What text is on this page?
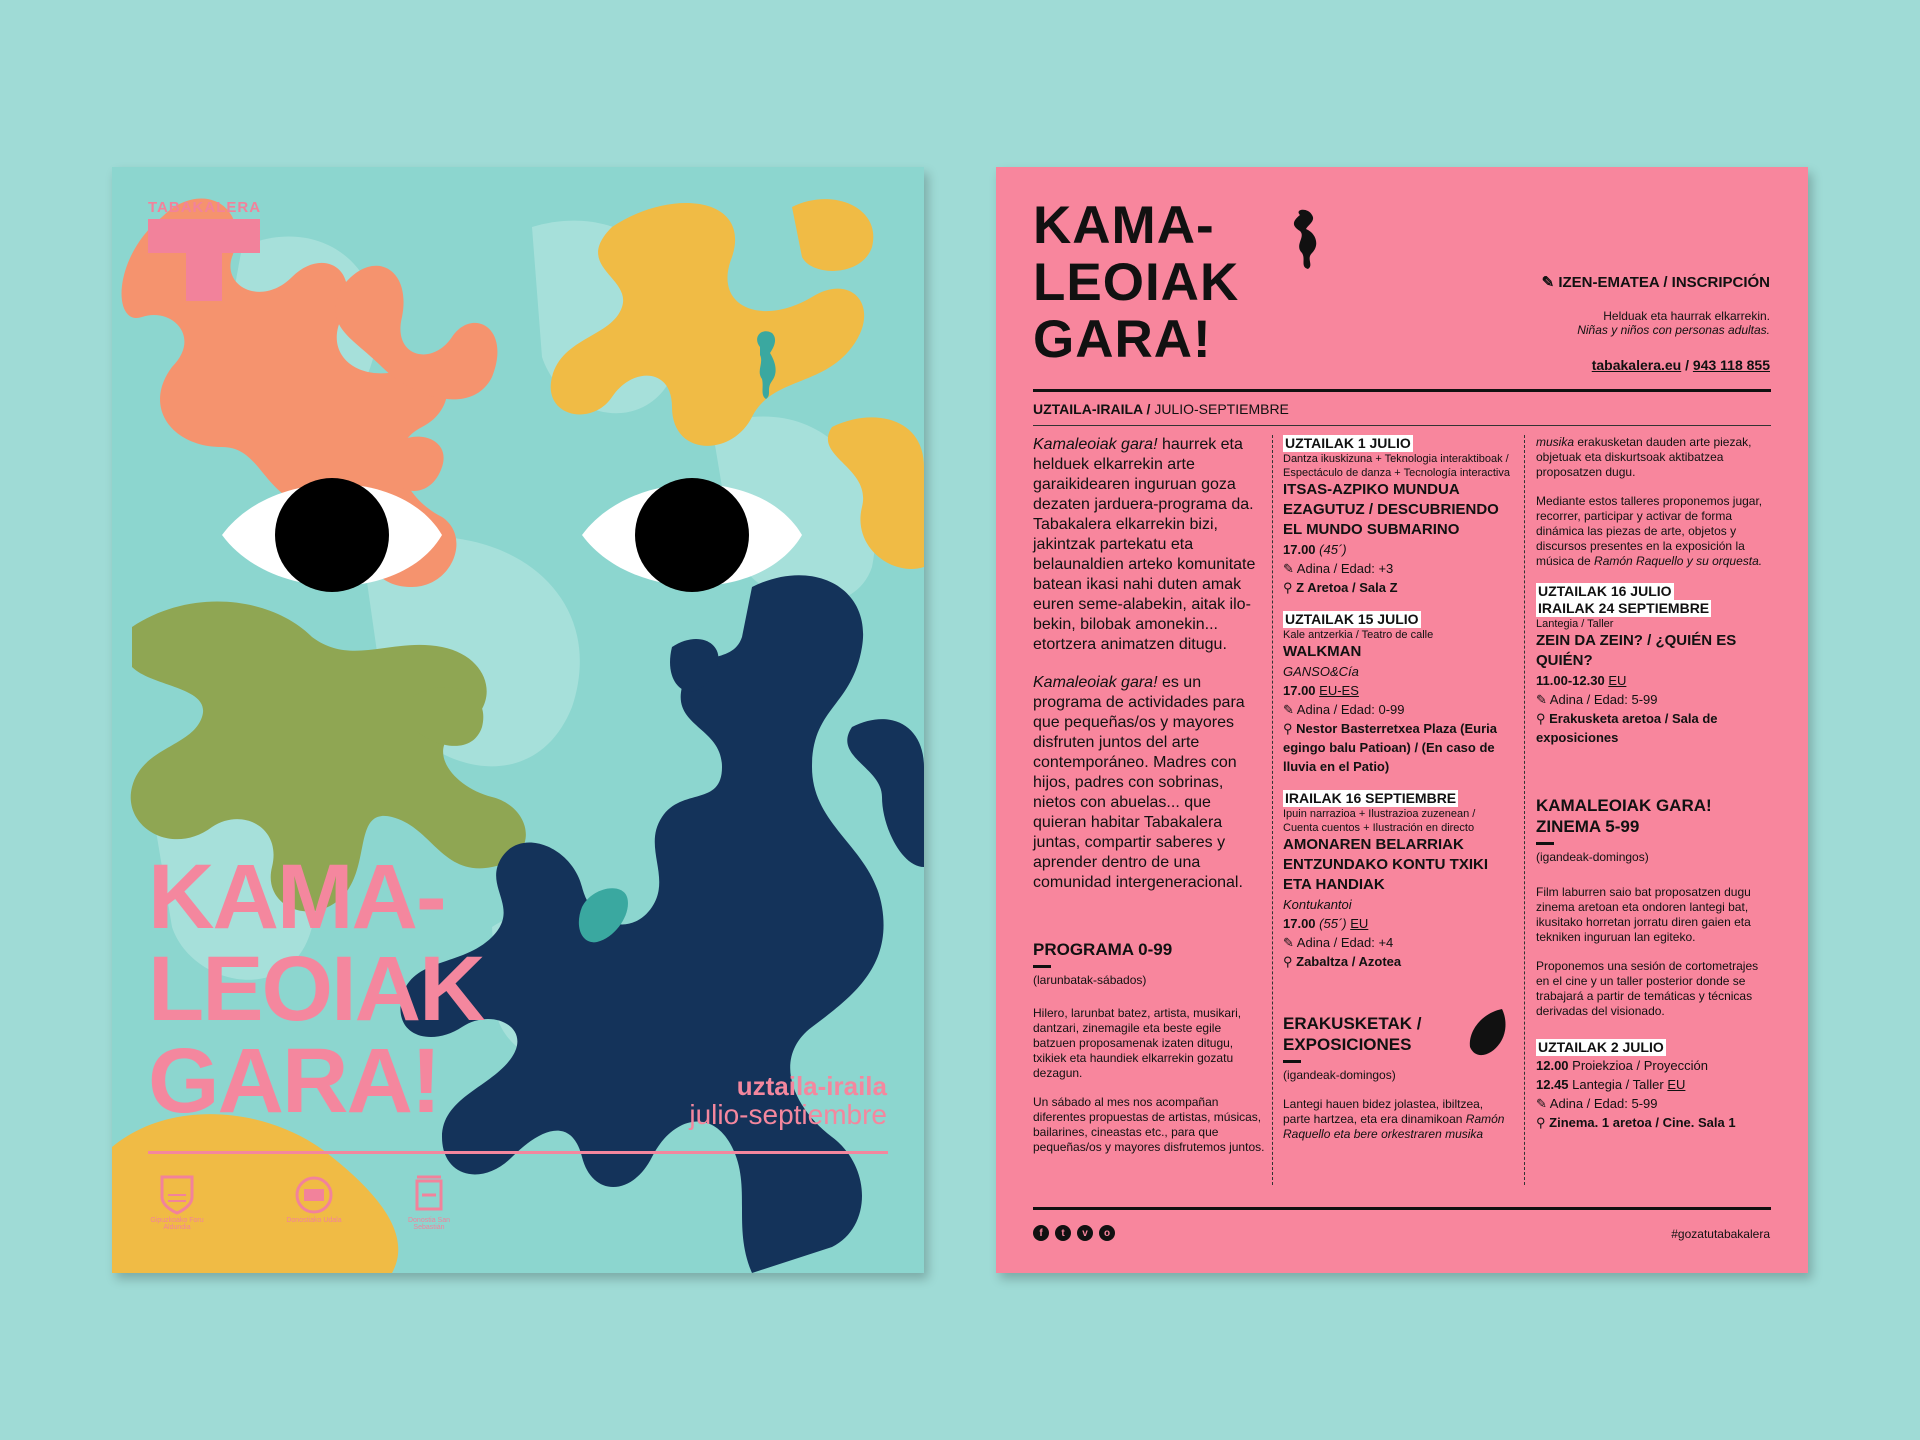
TABAKALERA
KAMA-
LEOIAK
GARA!	uztaila-iraila
julio-septiembre
Gipuzkoako Foru Aldundia
Donostiako Udala	Donostia San Sebastián
KAMA-
LEOIAK
GARA!
✎ IZEN-EMATEA / INSCRIPCIÓN
Helduak eta haurrak elkarrekin.
Niñas y niños con personas adultas.
tabakalera.eu / 943 118 855
UZTAILA-IRAILA / JULIO-SEPTIEMBRE
Kamaleoiak gara! haurrek eta helduek elkarrekin arte garaikidearen inguruan goza dezaten jarduera-programa da. Tabakalera elkarrekin bizi, jakintzak partekatu eta belaunaldien arteko komunitate batean ikasi nahi duten amak euren seme-alabekin, aitak ilo-bekin, bilobak amonekin... etortzera animatzen ditugu.
Kamaleoiak gara! es un programa de actividades para que pequeñas/os y mayores disfruten juntos del arte contemporáneo. Madres con hijos, padres con sobrinas, nietos con abuelas... que quieran habitar Tabakalera juntas, compartir saberes y aprender dentro de una comunidad intergeneracional.
PROGRAMA 0-99
(larunbatak-sábados)
Hilero, larunbat batez, artista, musikari, dantzari, zinemagile eta beste egile batzuen proposamenak izaten ditugu, txikiek eta haundiek elkarrekin gozatu dezagun.
Un sábado al mes nos acompañan diferentes propuestas de artistas, músicas, bailarines, cineastas etc., para que pequeñas/os y mayores disfrutemos juntos.
UZTAILAK 1 JULIO
Dantza ikuskizuna + Teknologia interaktiboak / Espectáculo de danza + Tecnología interactiva
ITSAS-AZPIKO MUNDUA EZAGUTUZ / DESCUBRIENDO EL MUNDO SUBMARINO
17.00 (45´)
✎ Adina / Edad: +3
⚲ Z Aretoa / Sala Z
UZTAILAK 15 JULIO
Kale antzerkia / Teatro de calle
WALKMAN
GANSO&Cía
17.00 EU-ES
✎ Adina / Edad: 0-99
⚲ Nestor Basterretxea Plaza (Euria egingo balu Patioan) / (En caso de lluvia en el Patio)
IRAILAK 16 SEPTIEMBRE
Ipuin narrazioa + Ilustrazioa zuzenean / Cuenta cuentos + Ilustración en directo
AMONAREN BELARRIAK ENTZUNDAKO KONTU TXIKI ETA HANDIAK
Kontukantoi
17.00 (55´) EU
✎ Adina / Edad: +4
⚲ Zabaltza / Azotea
ERAKUSKETAK / EXPOSICIONES
(igandeak-domingos)
Lantegi hauen bidez jolastea, ibiltzea, parte hartzea, eta era dinamikoan Ramón Raquello eta bere orkestraren musika
musika erakusketan dauden arte piezak, objetuak eta diskurtsoak aktibatzea proposatzen dugu.
Mediante estos talleres proponemos jugar, recorrer, participar y activar de forma dinámica las piezas de arte, objetos y discursos presentes en la exposición la música de Ramón Raquello y su orquesta.
UZTAILAK 16 JULIO
IRAILAK 24 SEPTIEMBRE
Lantegia / Taller
ZEIN DA ZEIN? / ¿QUIÉN ES QUIÉN?
11.00-12.30 EU
✎ Adina / Edad: 5-99
⚲ Erakusketa aretoa / Sala de exposiciones
KAMALEOIAK GARA! ZINEMA 5-99
(igandeak-domingos)
Film laburren saio bat proposatzen dugu zinema aretoan eta ondoren lantegi bat, ikusitako horretan jorratu diren gaien eta tekniken inguruan lan egiteko.
Proponemos una sesión de cortometrajes en el cine y un taller posterior donde se trabajará a partir de temáticas y técnicas derivadas del visionado.
UZTAILAK 2 JULIO
12.00 Proiekzioa / Proyección
12.45 Lantegia / Taller EU
✎ Adina / Edad: 5-99
⚲ Zinema. 1 aretoa / Cine. Sala 1
f	t	v	o	#gozatutabakalera
